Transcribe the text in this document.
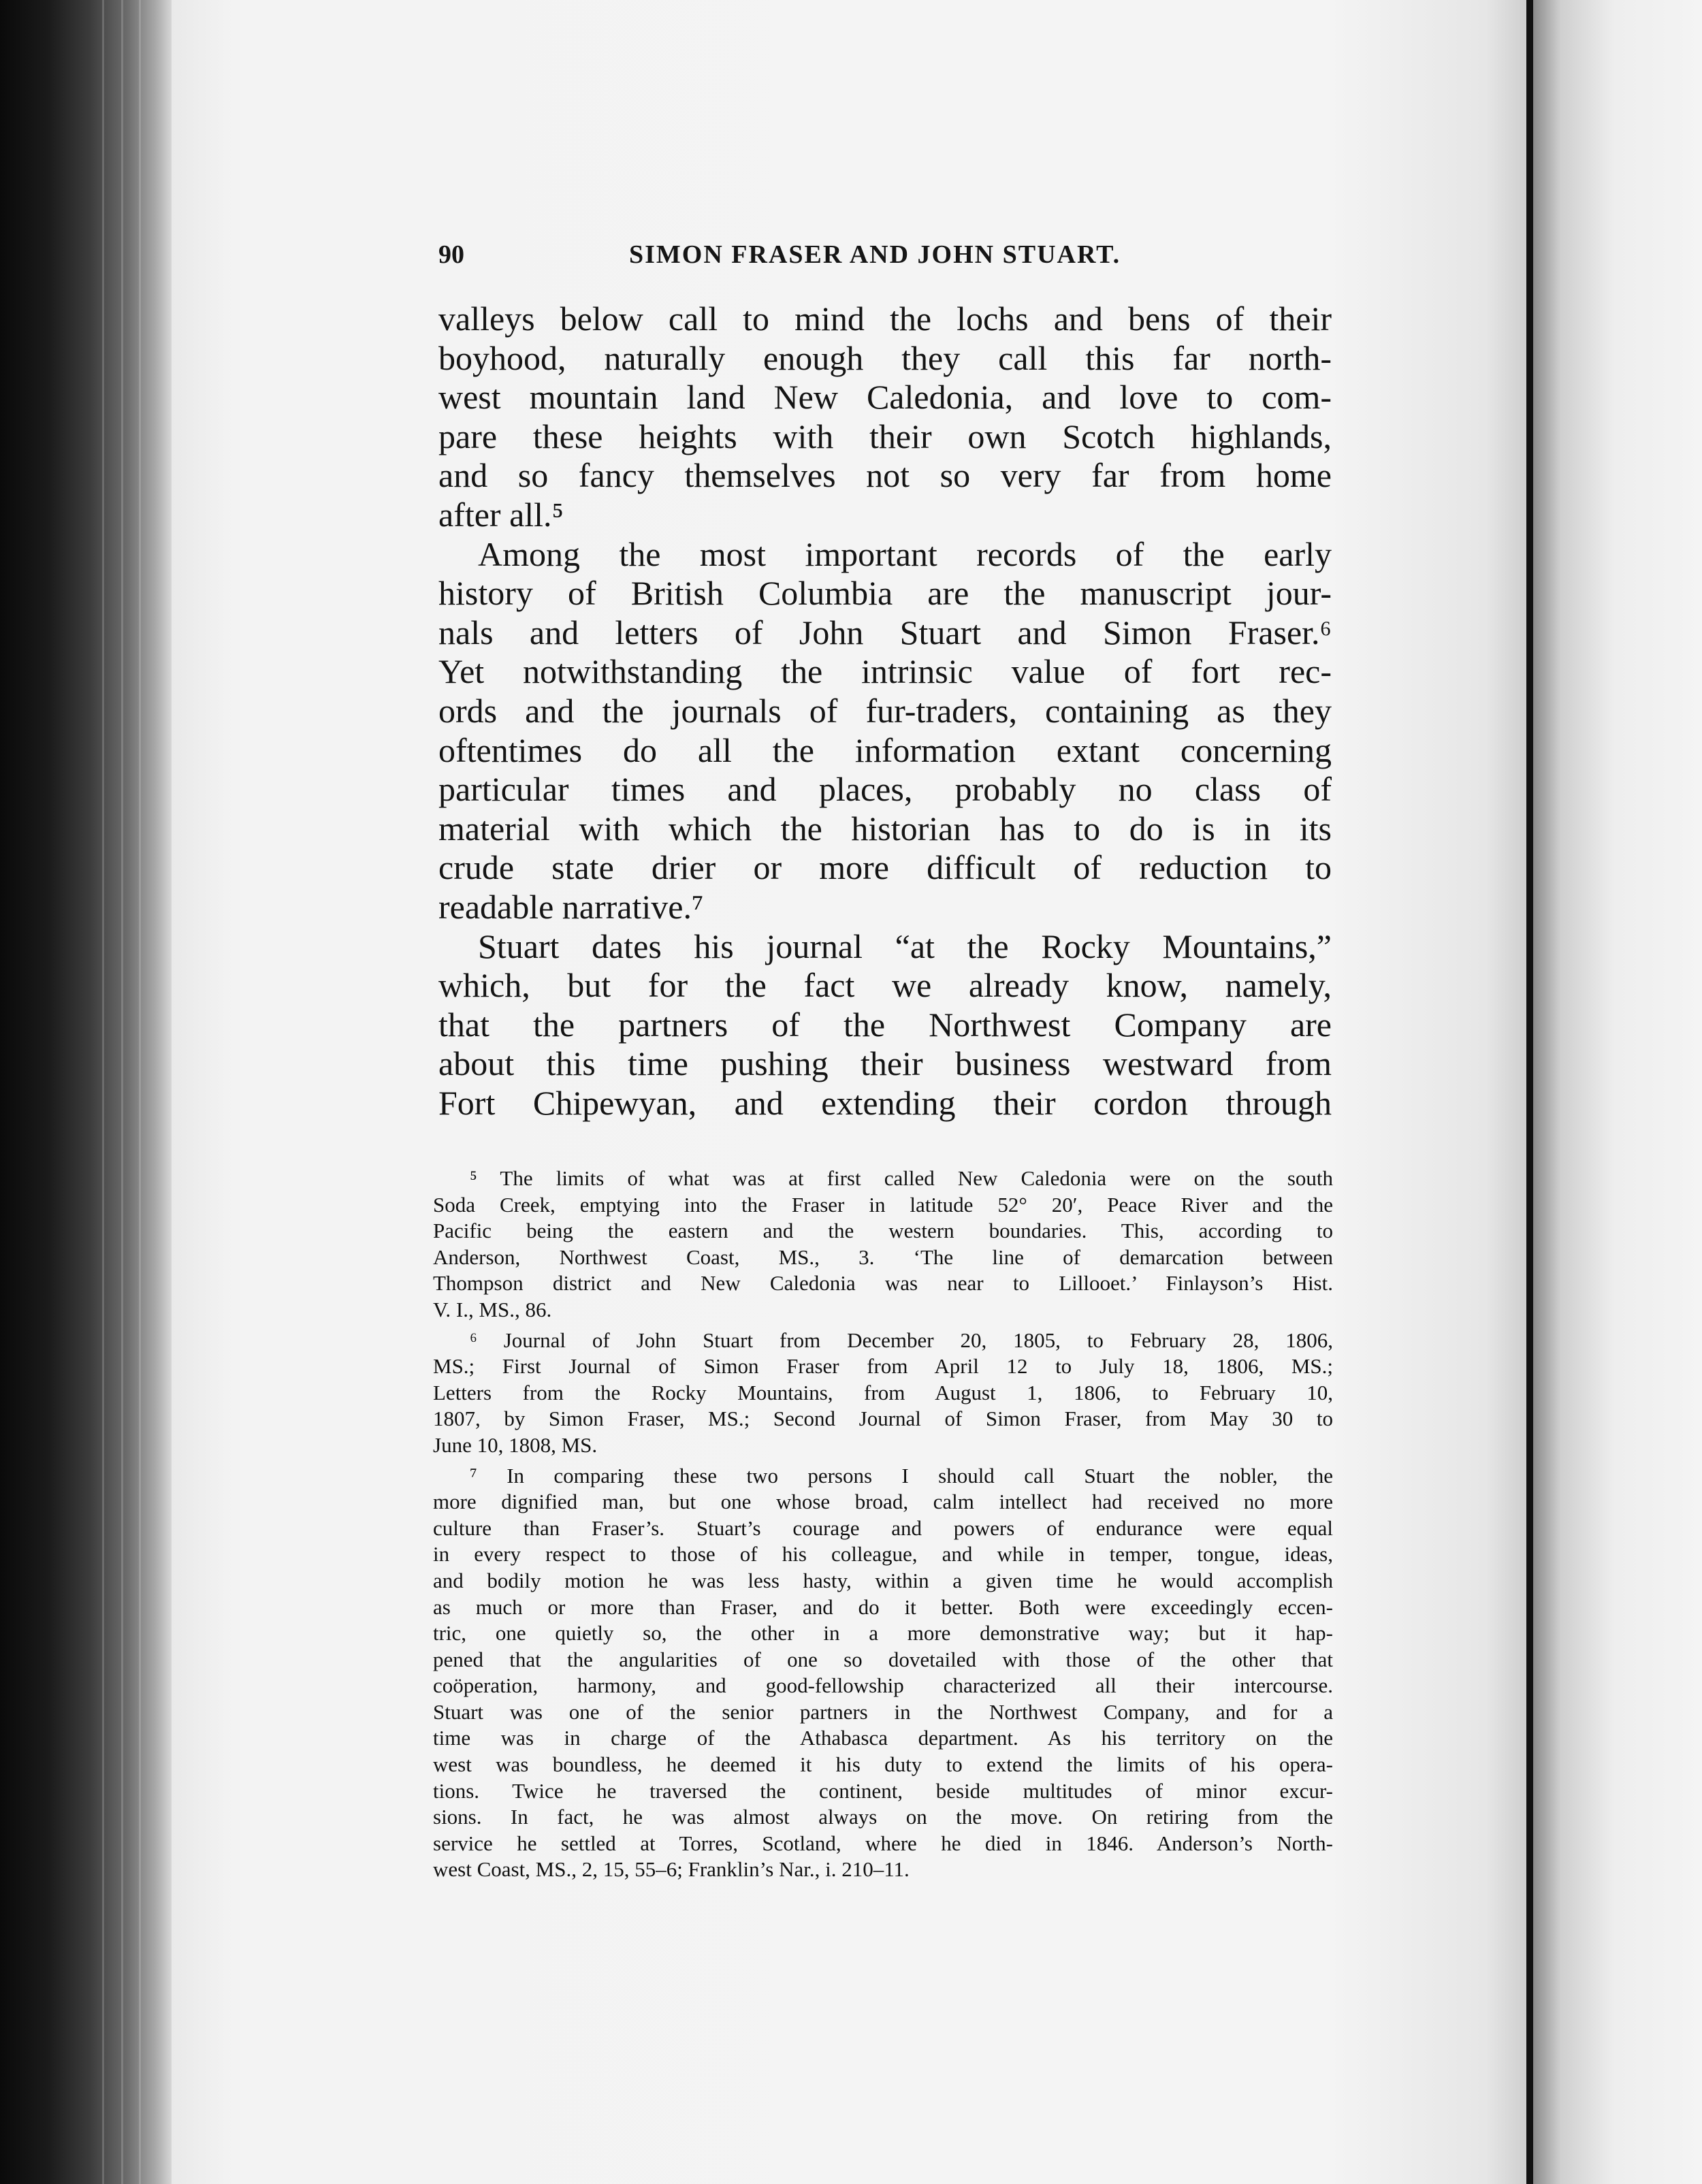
90	SIMON FRASER AND JOHN STUART.
valleys below call to mind the lochs and bens of their
boyhood, naturally enough they call this far north-
west mountain land New Caledonia, and love to com-
pare these heights with their own Scotch highlands,
and so fancy themselves not so very far from home
after all.⁵
Among the most important records of the early
history of British Columbia are the manuscript jour-
nals and letters of John Stuart and Simon Fraser.⁶
Yet notwithstanding the intrinsic value of fort rec-
ords and the journals of fur-traders, containing as they
oftentimes do all the information extant concerning
particular times and places, probably no class of
material with which the historian has to do is in its
crude state drier or more difficult of reduction to
readable narrative.⁷
Stuart dates his journal “at the Rocky Mountains,”
which, but for the fact we already know, namely,
that the partners of the Northwest Company are
about this time pushing their business westward from
Fort Chipewyan, and extending their cordon through
⁵ The limits of what was at first called New Caledonia were on the south
Soda Creek, emptying into the Fraser in latitude 52° 20′, Peace River and the
Pacific being the eastern and the western boundaries. This, according to
Anderson, Northwest Coast, MS., 3. ‘The line of demarcation between
Thompson district and New Caledonia was near to Lillooet.’ Finlayson’s Hist.
V. I., MS., 86.
⁶ Journal of John Stuart from December 20, 1805, to February 28, 1806,
MS.; First Journal of Simon Fraser from April 12 to July 18, 1806, MS.;
Letters from the Rocky Mountains, from August 1, 1806, to February 10,
1807, by Simon Fraser, MS.; Second Journal of Simon Fraser, from May 30 to
June 10, 1808, MS.
⁷ In comparing these two persons I should call Stuart the nobler, the
more dignified man, but one whose broad, calm intellect had received no more
culture than Fraser’s. Stuart’s courage and powers of endurance were equal
in every respect to those of his colleague, and while in temper, tongue, ideas,
and bodily motion he was less hasty, within a given time he would accomplish
as much or more than Fraser, and do it better. Both were exceedingly eccen-
tric, one quietly so, the other in a more demonstrative way; but it hap-
pened that the angularities of one so dovetailed with those of the other that
coöperation, harmony, and good-fellowship characterized all their intercourse.
Stuart was one of the senior partners in the Northwest Company, and for a
time was in charge of the Athabasca department. As his territory on the
west was boundless, he deemed it his duty to extend the limits of his opera-
tions. Twice he traversed the continent, beside multitudes of minor excur-
sions. In fact, he was almost always on the move. On retiring from the
service he settled at Torres, Scotland, where he died in 1846. Anderson’s North-
west Coast, MS., 2, 15, 55–6; Franklin’s Nar., i. 210–11.
